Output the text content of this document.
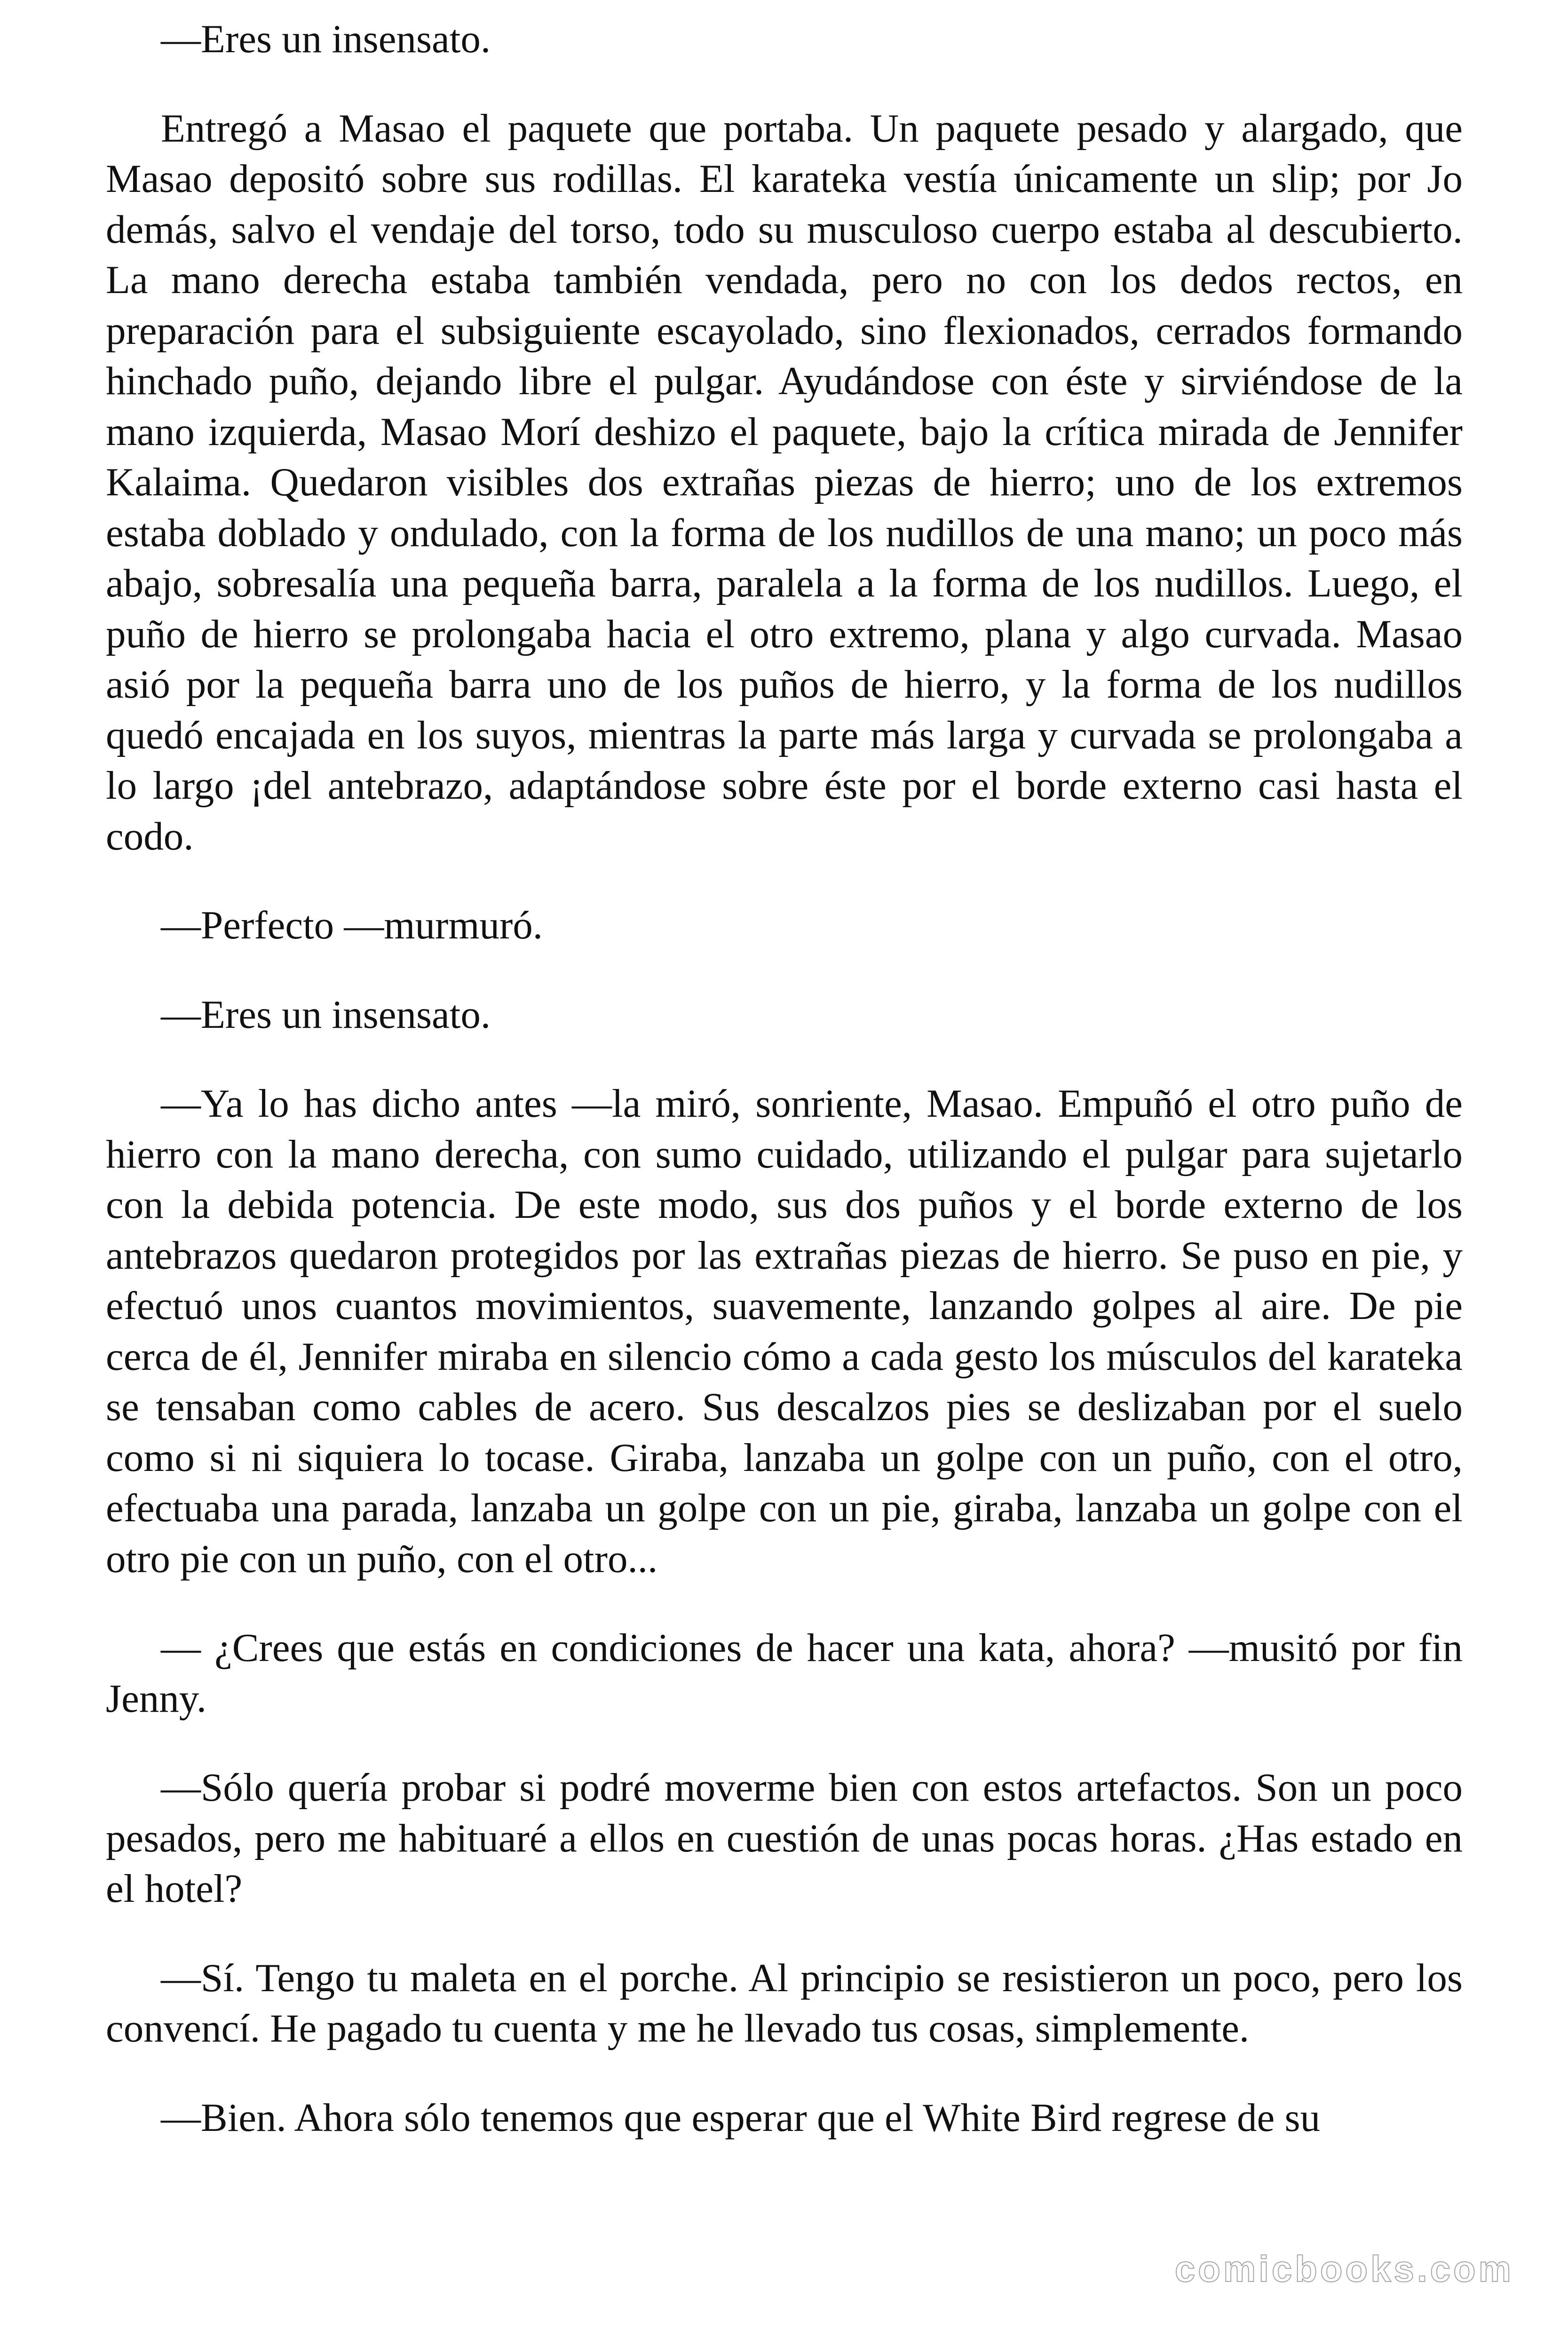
—Eres un insensato.

Entregó a Masao el paquete que portaba. Un paquete pesado y alargado, que Masao depositó sobre sus rodillas. El karateka vestía únicamente un slip; por Jo demás, salvo el vendaje del torso, todo su musculoso cuerpo estaba al descubierto. La mano derecha estaba también vendada, pero no con los dedos rectos, en preparación para el subsiguiente escayolado, sino flexionados, cerrados formando hinchado puño, dejando libre el pulgar. Ayudándose con éste y sirviéndose de la mano izquierda, Masao Morí deshizo el paquete, bajo la crítica mirada de Jennifer Kalaima. Quedaron visibles dos extrañas piezas de hierro; uno de los extremos estaba doblado y ondulado, con la forma de los nudillos de una mano; un poco más abajo, sobresalía una pequeña barra, paralela a la forma de los nudillos. Luego, el puño de hierro se prolongaba hacia el otro extremo, plana y algo curvada. Masao asió por la pequeña barra uno de los puños de hierro, y la forma de los nudillos quedó encajada en los suyos, mientras la parte más larga y curvada se prolongaba a lo largo ¡del antebrazo, adaptándose sobre éste por el borde externo casi hasta el codo.

—Perfecto —murmuró.

—Eres un insensato.

—Ya lo has dicho antes —la miró, sonriente, Masao. Empuñó el otro puño de hierro con la mano derecha, con sumo cuidado, utilizando el pulgar para sujetarlo con la debida potencia. De este modo, sus dos puños y el borde externo de los antebrazos quedaron protegidos por las extrañas piezas de hierro. Se puso en pie, y efectuó unos cuantos movimientos, suavemente, lanzando golpes al aire. De pie cerca de él, Jennifer miraba en silencio cómo a cada gesto los músculos del karateka se tensaban como cables de acero. Sus descalzos pies se deslizaban por el suelo como si ni siquiera lo tocase. Giraba, lanzaba un golpe con un puño, con el otro, efectuaba una parada, lanzaba un golpe con un pie, giraba, lanzaba un golpe con el otro pie con un puño, con el otro...

— ¿Crees que estás en condiciones de hacer una kata, ahora? —musitó por fin Jenny.

—Sólo quería probar si podré moverme bien con estos artefactos. Son un poco pesados, pero me habituaré a ellos en cuestión de unas pocas horas. ¿Has estado en el hotel?

—Sí. Tengo tu maleta en el porche. Al principio se resistieron un poco, pero los convencí. He pagado tu cuenta y me he llevado tus cosas, simplemente.

—Bien. Ahora sólo tenemos que esperar que el White Bird regrese de su

comicbooks.com
